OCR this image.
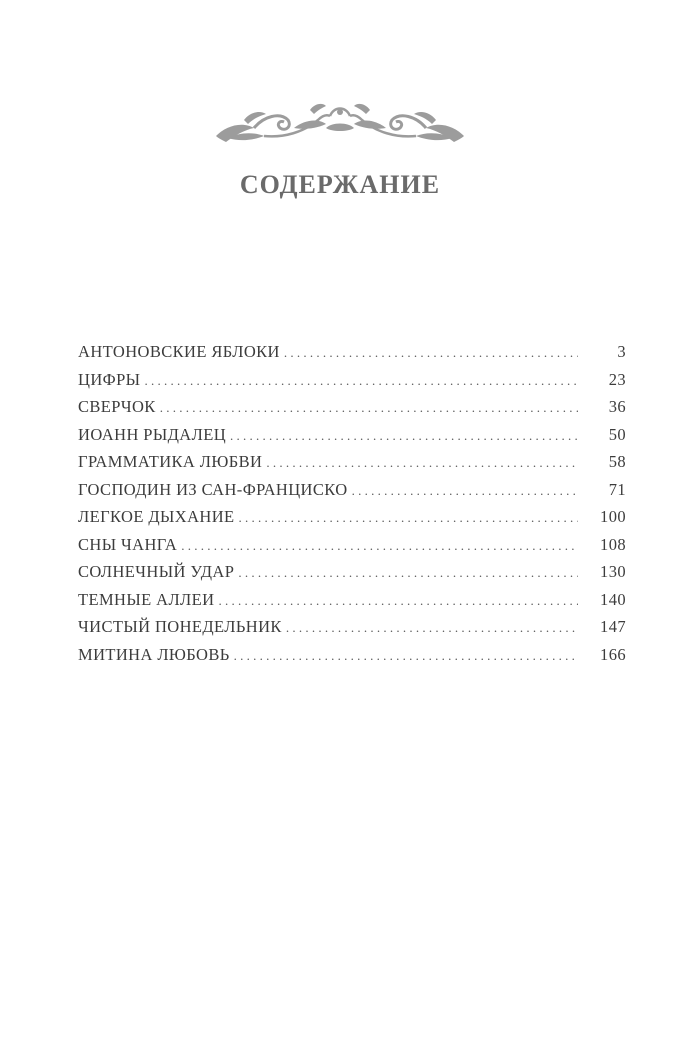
СОДЕРЖАНИЕ
АНТОНОВСКИЕ ЯБЛОКИ . . .	3
ЦИФРЫ . . .	23
СВЕРЧОК . . .	36
ИОАНН РЫДАЛЕЦ . . .	50
ГРАММАТИКА ЛЮБВИ . . .	58
ГОСПОДИН ИЗ САН-ФРАНЦИСКО . . .	71
ЛЕГКОЕ ДЫХАНИЕ . . .	100
СНЫ ЧАНГА . . .	108
СОЛНЕЧНЫЙ УДАР . . .	130
ТЕМНЫЕ АЛЛЕИ . . .	140
ЧИСТЫЙ ПОНЕДЕЛЬНИК . . .	147
МИТИНА ЛЮБОВЬ . . .	166
